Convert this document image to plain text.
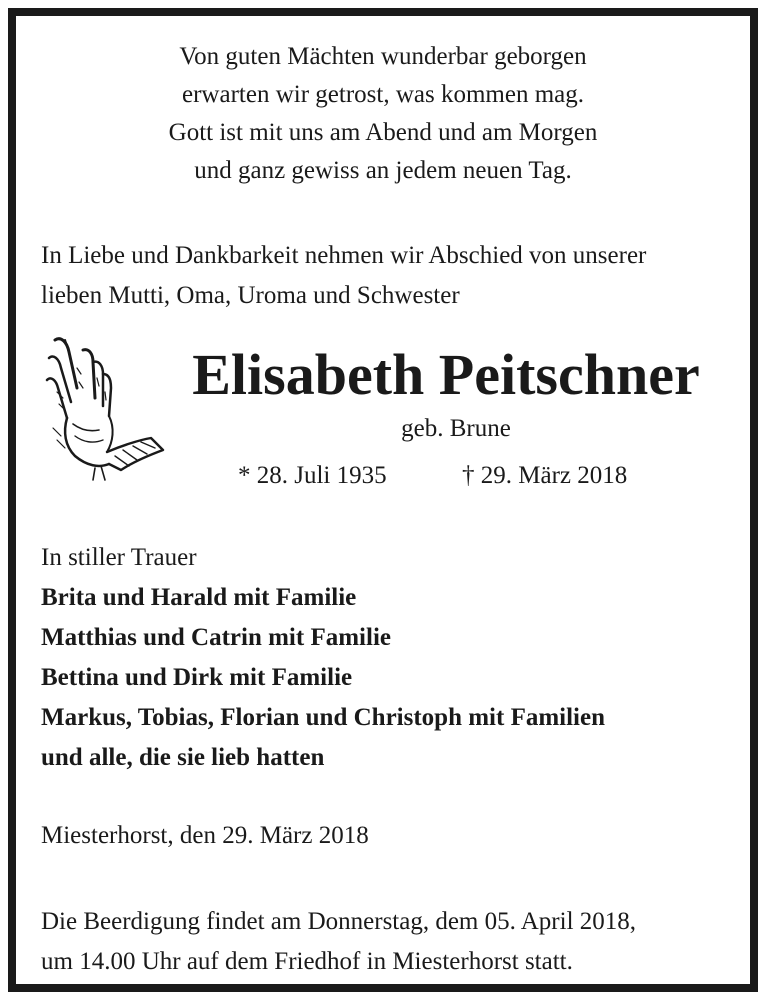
Von guten Mächten wunderbar geborgen
erwarten wir getrost, was kommen mag.
Gott ist mit uns am Abend und am Morgen
und ganz gewiss an jedem neuen Tag.
In Liebe und Dankbarkeit nehmen wir Abschied von unserer
lieben Mutti, Oma, Uroma und Schwester
Elisabeth Peitschner
geb. Brune
* 28. Juli 1935	† 29. März 2018
In stiller Trauer
Brita und Harald mit Familie
Matthias und Catrin mit Familie
Bettina und Dirk mit Familie
Markus, Tobias, Florian und Christoph mit Familien
und alle, die sie lieb hatten
Miesterhorst, den 29. März 2018
Die Beerdigung findet am Donnerstag, dem 05. April 2018,
um 14.00 Uhr auf dem Friedhof in Miesterhorst statt.
